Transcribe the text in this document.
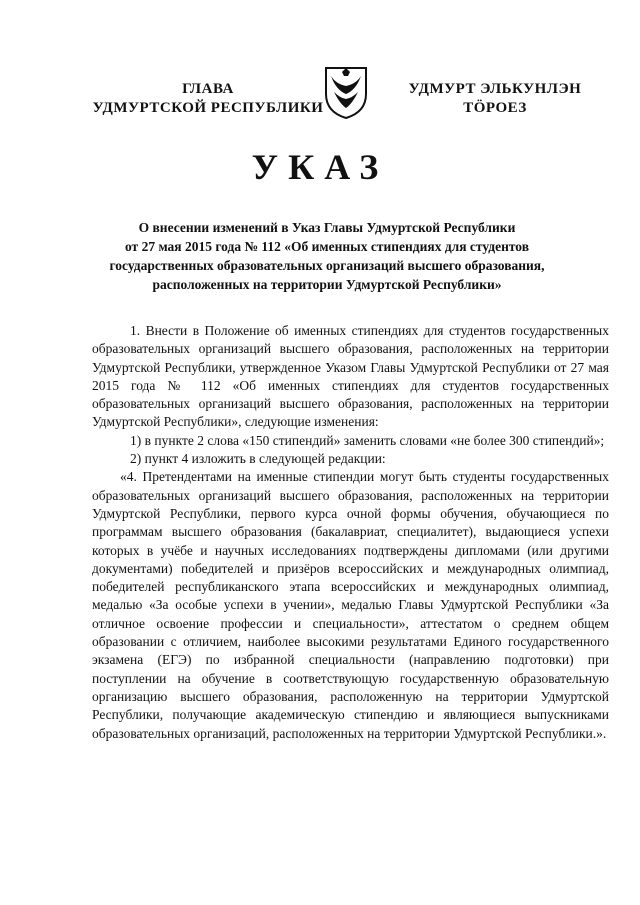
ГЛАВА
УДМУРТСКОЙ РЕСПУБЛИКИ
УДМУРТ ЭЛЬКУНЛЭН
ТӦРОЕЗ
УКАЗ
О внесении изменений в Указ Главы Удмуртской Республики
от 27 мая 2015 года № 112 «Об именных стипендиях для студентов
государственных образовательных организаций высшего образования,
расположенных на территории Удмуртской Республики»

1. Внести в Положение об именных стипендиях для студентов государственных образовательных организаций высшего образования, расположенных на территории Удмуртской Республики, утвержденное Указом Главы Удмуртской Республики от 27 мая 2015 года № 112 «Об именных стипендиях для студентов государственных образовательных организаций высшего образования, расположенных на территории Удмуртской Республики», следующие изменения:

1) в пункте 2 слова «150 стипендий» заменить словами «не более 300 стипендий»;

2) пункт 4 изложить в следующей редакции:

«4. Претендентами на именные стипендии могут быть студенты государственных образовательных организаций высшего образования, расположенных на территории Удмуртской Республики, первого курса очной формы обучения, обучающиеся по программам высшего образования (бакалавриат, специалитет), выдающиеся успехи которых в учёбе и научных исследованиях подтверждены дипломами (или другими документами) победителей и призёров всероссийских и международных олимпиад, победителей республиканского этапа всероссийских и международных олимпиад, медалью «За особые успехи в учении», медалью Главы Удмуртской Республики «За отличное освоение профессии и специальности», аттестатом о среднем общем образовании с отличием, наиболее высокими результатами Единого государственного экзамена (ЕГЭ) по избранной специальности (направлению подготовки) при поступлении на обучение в соответствующую государственную образовательную организацию высшего образования, расположенную на территории Удмуртской Республики, получающие академическую стипендию и являющиеся выпускниками образовательных организаций, расположенных на территории Удмуртской Республики.».
